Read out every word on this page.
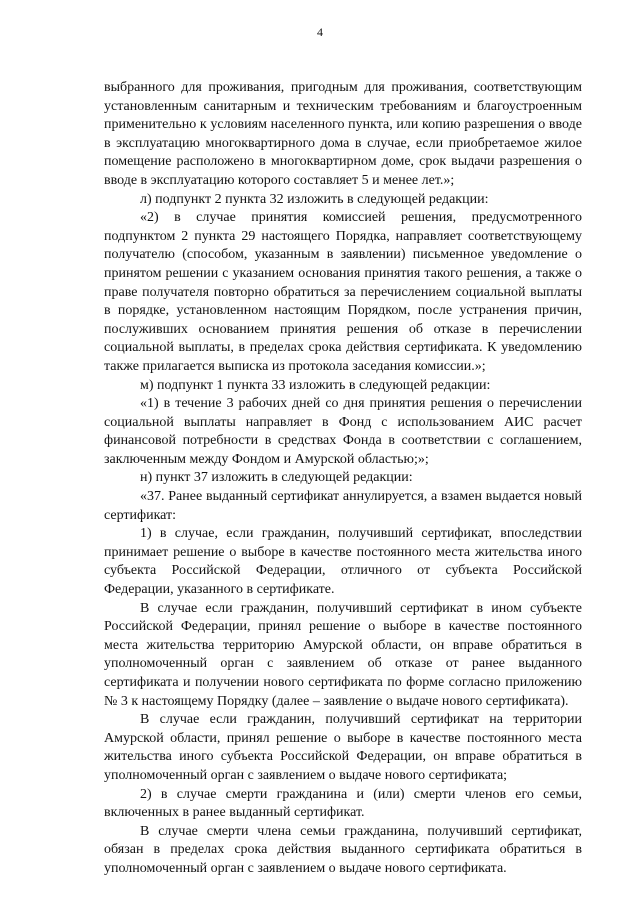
4

выбранного для проживания, пригодным для проживания, соответствующим установленным санитарным и техническим требованиям и благоустроенным применительно к условиям населенного пункта, или копию разрешения о вводе в эксплуатацию многоквартирного дома в случае, если приобретаемое жилое помещение расположено в многоквартирном доме, срок выдачи разрешения о вводе в эксплуатацию которого составляет 5 и менее лет.»;

л) подпункт 2 пункта 32 изложить в следующей редакции:

«2) в случае принятия комиссией решения, предусмотренного подпунктом 2 пункта 29 настоящего Порядка, направляет соответствующему получателю (способом, указанным в заявлении) письменное уведомление о принятом решении с указанием основания принятия такого решения, а также о праве получателя повторно обратиться за перечислением социальной выплаты в порядке, установленном настоящим Порядком, после устранения причин, послуживших основанием принятия решения об отказе в перечислении социальной выплаты, в пределах срока действия сертификата. К уведомлению также прилагается выписка из протокола заседания комиссии.»;

м) подпункт 1 пункта 33 изложить в следующей редакции:

«1) в течение 3 рабочих дней со дня принятия решения о перечислении социальной выплаты направляет в Фонд с использованием АИС расчет финансовой потребности в средствах Фонда в соответствии с соглашением, заключенным между Фондом и Амурской областью;»;

н) пункт 37 изложить в следующей редакции:

«37. Ранее выданный сертификат аннулируется, а взамен выдается новый сертификат:

1) в случае, если гражданин, получивший сертификат, впоследствии принимает решение о выборе в качестве постоянного места жительства иного субъекта Российской Федерации, отличного от субъекта Российской Федерации, указанного в сертификате.

В случае если гражданин, получивший сертификат в ином субъекте Российской Федерации, принял решение о выборе в качестве постоянного места жительства территорию Амурской области, он вправе обратиться в уполномоченный орган с заявлением об отказе от ранее выданного сертификата и получении нового сертификата по форме согласно приложению № 3 к настоящему Порядку (далее – заявление о выдаче нового сертификата).

В случае если гражданин, получивший сертификат на территории Амурской области, принял решение о выборе в качестве постоянного места жительства иного субъекта Российской Федерации, он вправе обратиться в уполномоченный орган с заявлением о выдаче нового сертификата;

2) в случае смерти гражданина и (или) смерти членов его семьи, включенных в ранее выданный сертификат.

В случае смерти члена семьи гражданина, получивший сертификат, обязан в пределах срока действия выданного сертификата обратиться в уполномоченный орган с заявлением о выдаче нового сертификата.
